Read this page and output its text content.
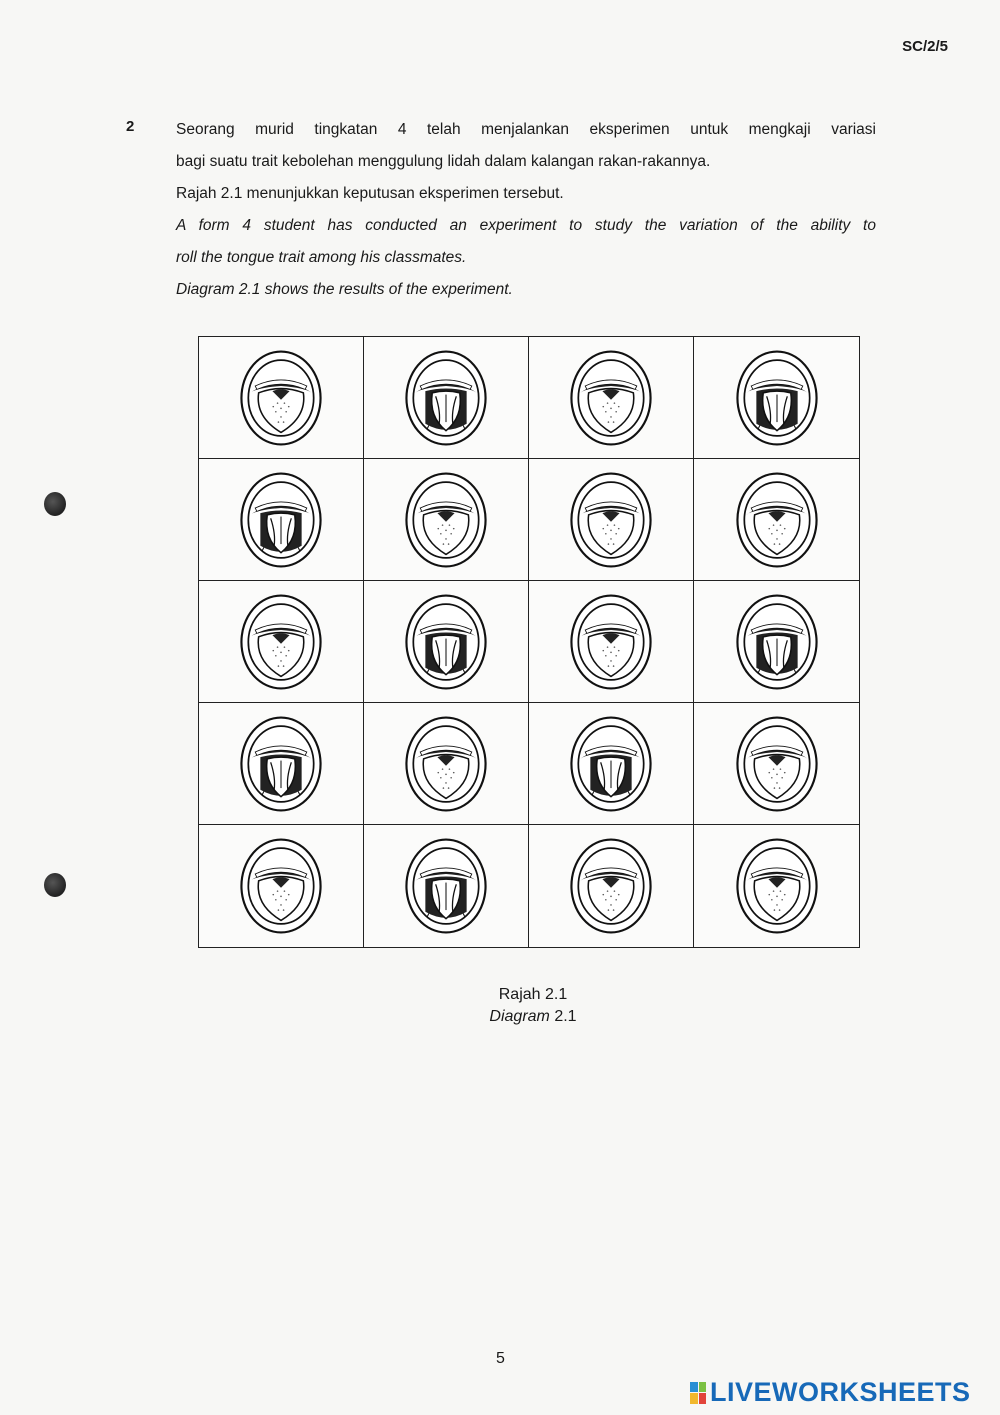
SC/2/5
2	Seorang murid tingkatan 4 telah menjalankan eksperimen untuk mengkaji variasi

bagi suatu trait kebolehan menggulung lidah dalam kalangan rakan-rakannya.

Rajah 2.1 menunjukkan keputusan eksperimen tersebut.

A form 4 student has conducted an experiment to study the variation of the ability to

roll the tongue trait among his classmates.

Diagram 2.1 shows the results of the experiment.

Rajah 2.1
Diagram 2.1
5
LIVEWORKSHEETS
